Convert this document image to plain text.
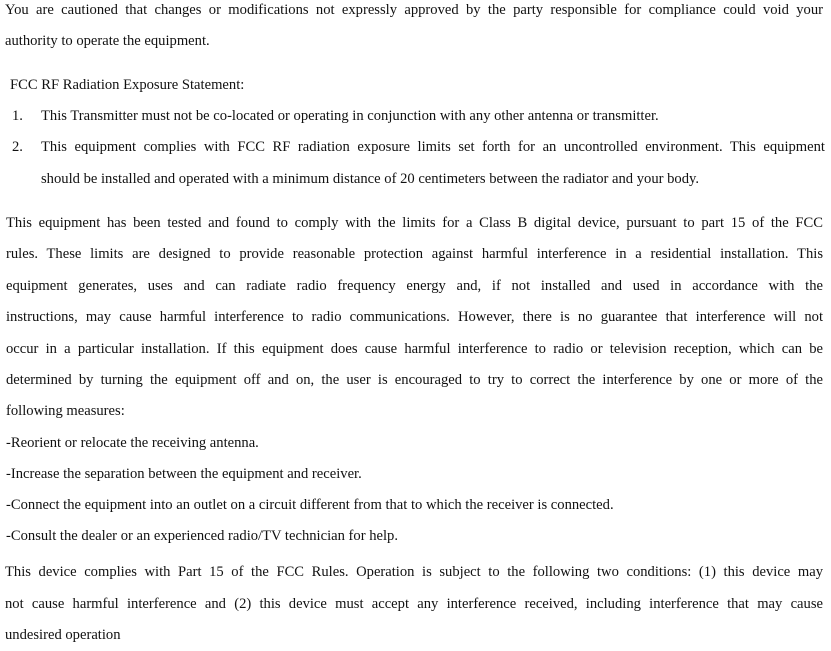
You are cautioned that changes or modifications not expressly approved by the party responsible for compliance could void your
authority to operate the equipment.
FCC RF Radiation Exposure Statement:
1. This Transmitter must not be co-located or operating in conjunction with any other antenna or transmitter.
2. This equipment complies with FCC RF radiation exposure limits set forth for an uncontrolled environment. This equipment
should be installed and operated with a minimum distance of 20 centimeters between the radiator and your body.
This equipment has been tested and found to comply with the limits for a Class B digital device, pursuant to part 15 of the FCC
rules. These limits are designed to provide reasonable protection against harmful interference in a residential installation. This
equipment generates, uses and can radiate radio frequency energy and, if not installed and used in accordance with the
instructions, may cause harmful interference to radio communications. However, there is no guarantee that interference will not
occur in a particular installation. If this equipment does cause harmful interference to radio or television reception, which can be
determined by turning the equipment off and on, the user is encouraged to try to correct the interference by one or more of the
following measures:
-Reorient or relocate the receiving antenna.
-Increase the separation between the equipment and receiver.
-Connect the equipment into an outlet on a circuit different from that to which the receiver is connected.
-Consult the dealer or an experienced radio/TV technician for help.
This device complies with Part 15 of the FCC Rules. Operation is subject to the following two conditions: (1) this device may
not cause harmful interference and (2) this device must accept any interference received, including interference that may cause
undesired operation
